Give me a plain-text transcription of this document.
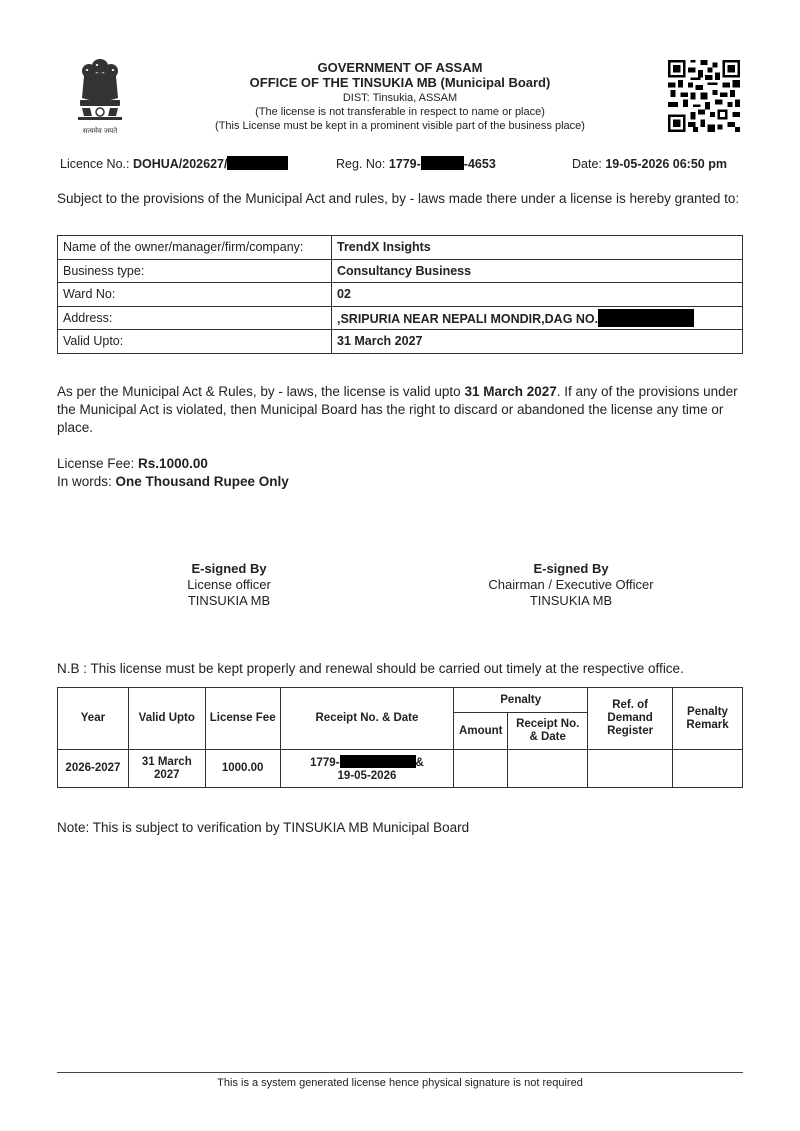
सत्यमेव जयते
GOVERNMENT OF ASSAM
OFFICE OF THE TINSUKIA MB (Municipal Board)
DIST: Tinsukia, ASSAM
(The license is not transferable in respect to name or place)
(This License must be kept in a prominent visible part of the business place)
Licence No.: DOHUA/202627/	Reg. No: 1779-	-4653	Date: 19-05-2026 06:50 pm
Subject to the provisions of the Municipal Act and rules, by - laws made there under a license is hereby granted to:
Name of the owner/manager/firm/company:	TrendX Insights
Business type:	Consultancy Business
Ward No:	02
Address:	,SRIPURIA NEAR NEPALI MONDIR,DAG NO.
Valid Upto:	31 March 2027
As per the Municipal Act & Rules, by - laws, the license is valid upto 31 March 2027. If any of the provisions under the Municipal Act is violated, then Municipal Board has the right to discard or abandoned the license any time or place.
License Fee: Rs.1000.00
In words: One Thousand Rupee Only
E-signed By
License officer
TINSUKIA MB
E-signed By
Chairman / Executive Officer
TINSUKIA MB
N.B : This license must be kept properly and renewal should be carried out timely at the respective office.
Year	Valid Upto	License Fee	Receipt No. & Date	Penalty		Ref. of Demand Register	Penalty Remark
				Amount	Receipt No. & Date		
2026-2027	31 March 2027	1000.00	1779- &
19-05-2026				

Note: This is subject to verification by TINSUKIA MB Municipal Board
This is a system generated license hence physical signature is not required
